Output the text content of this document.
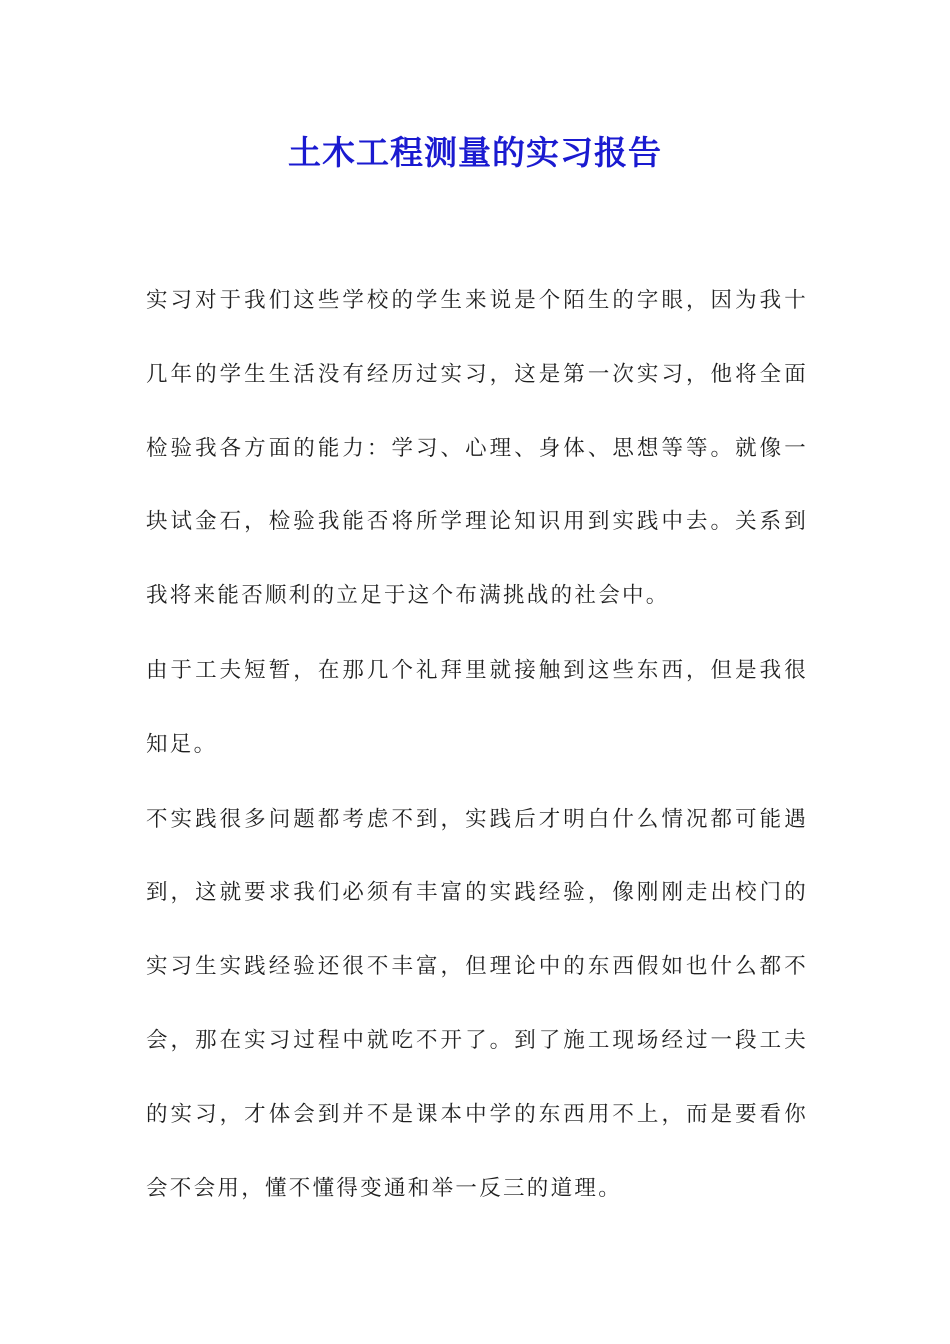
土木工程测量的实习报告

实习对于我们这些学校的学生来说是个陌生的字眼，因为我十几年的学生生活没有经历过实习，这是第一次实习，他将全面检验我各方面的能力：学习、心理、身体、思想等等。就像一块试金石，检验我能否将所学理论知识用到实践中去。关系到我将来能否顺利的立足于这个布满挑战的社会中。

由于工夫短暂，在那几个礼拜里就接触到这些东西，但是我很知足。

不实践很多问题都考虑不到，实践后才明白什么情况都可能遇到，这就要求我们必须有丰富的实践经验，像刚刚走出校门的实习生实践经验还很不丰富，但理论中的东西假如也什么都不会，那在实习过程中就吃不开了。到了施工现场经过一段工夫的实习，才体会到并不是课本中学的东西用不上，而是要看你会不会用，懂不懂得变通和举一反三的道理。
